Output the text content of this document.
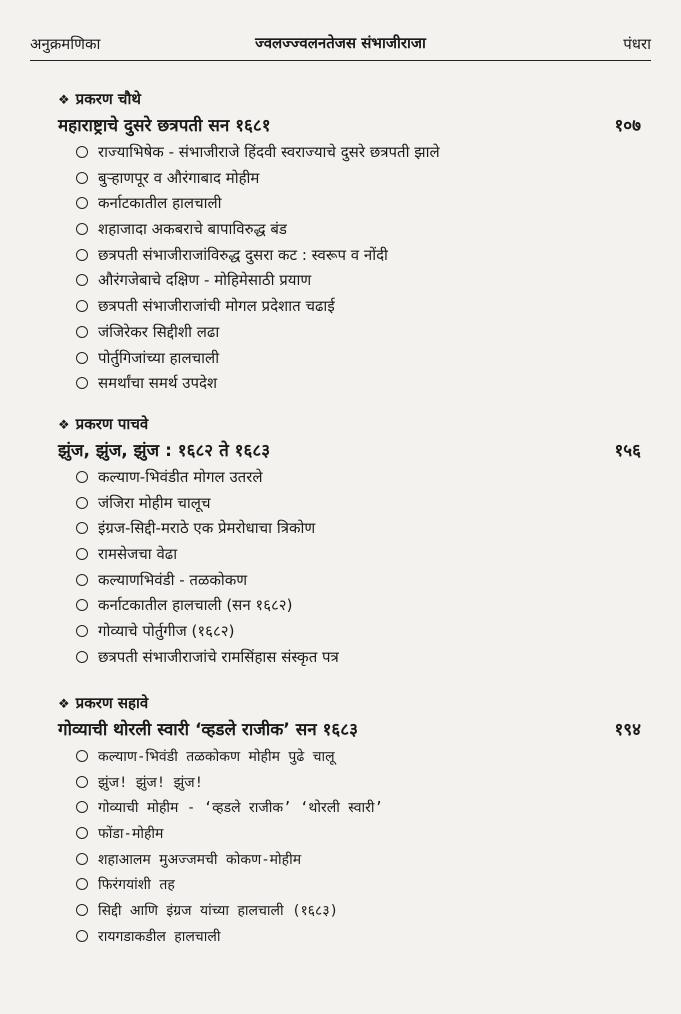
अनुक्रमणिका	ज्वलज्ज्वलनतेजस संभाजीराजा	पंधरा
❖ प्रकरण चौथे
महाराष्ट्राचे दुसरे छत्रपती सन १६८१	१०७
राज्याभिषेक - संभाजीराजे हिंदवी स्वराज्याचे दुसरे छत्रपती झाले
बुऱ्हाणपूर व औरंगाबाद मोहीम
कर्नाटकातील हालचाली
शहाजादा अकबराचे बापाविरुद्ध बंड
छत्रपती संभाजीराजांविरुद्ध दुसरा कट : स्वरूप व नोंदी
औरंगजेबाचे दक्षिण - मोहिमेसाठी प्रयाण
छत्रपती संभाजीराजांची मोगल प्रदेशात चढाई
जंजिरेकर सिद्दीशी लढा
पोर्तुगिजांच्या हालचाली
समर्थांचा समर्थ उपदेश
❖ प्रकरण पाचवे
झुंज, झुंज, झुंज : १६८२ ते १६८३	१५६
कल्याण-भिवंडीत मोगल उतरले
जंजिरा मोहीम चालूच
इंग्रज-सिद्दी-मराठे एक प्रेमरोधाचा त्रिकोण
रामसेजचा वेढा
कल्याणभिवंडी - तळकोकण
कर्नाटकातील हालचाली (सन १६८२)
गोव्याचे पोर्तुगीज (१६८२)
छत्रपती संभाजीराजांचे रामसिंहास संस्कृत पत्र
❖ प्रकरण सहावे
गोव्याची थोरली स्वारी ‘व्हडले राजीक’ सन १६८३	१९४
कल्याण-भिवंडी तळकोकण मोहीम पुढे चालू
झुंज! झुंज! झुंज!
गोव्याची मोहीम - ‘व्हडले राजीक’ ‘थोरली स्वारी’
फोंडा-मोहीम
शहाआलम मुअज्जमची कोकण-मोहीम
फिरंगयांशी तह
सिद्दी आणि इंग्रज यांच्या हालचाली (१६८३)
रायगडाकडील हालचाली
